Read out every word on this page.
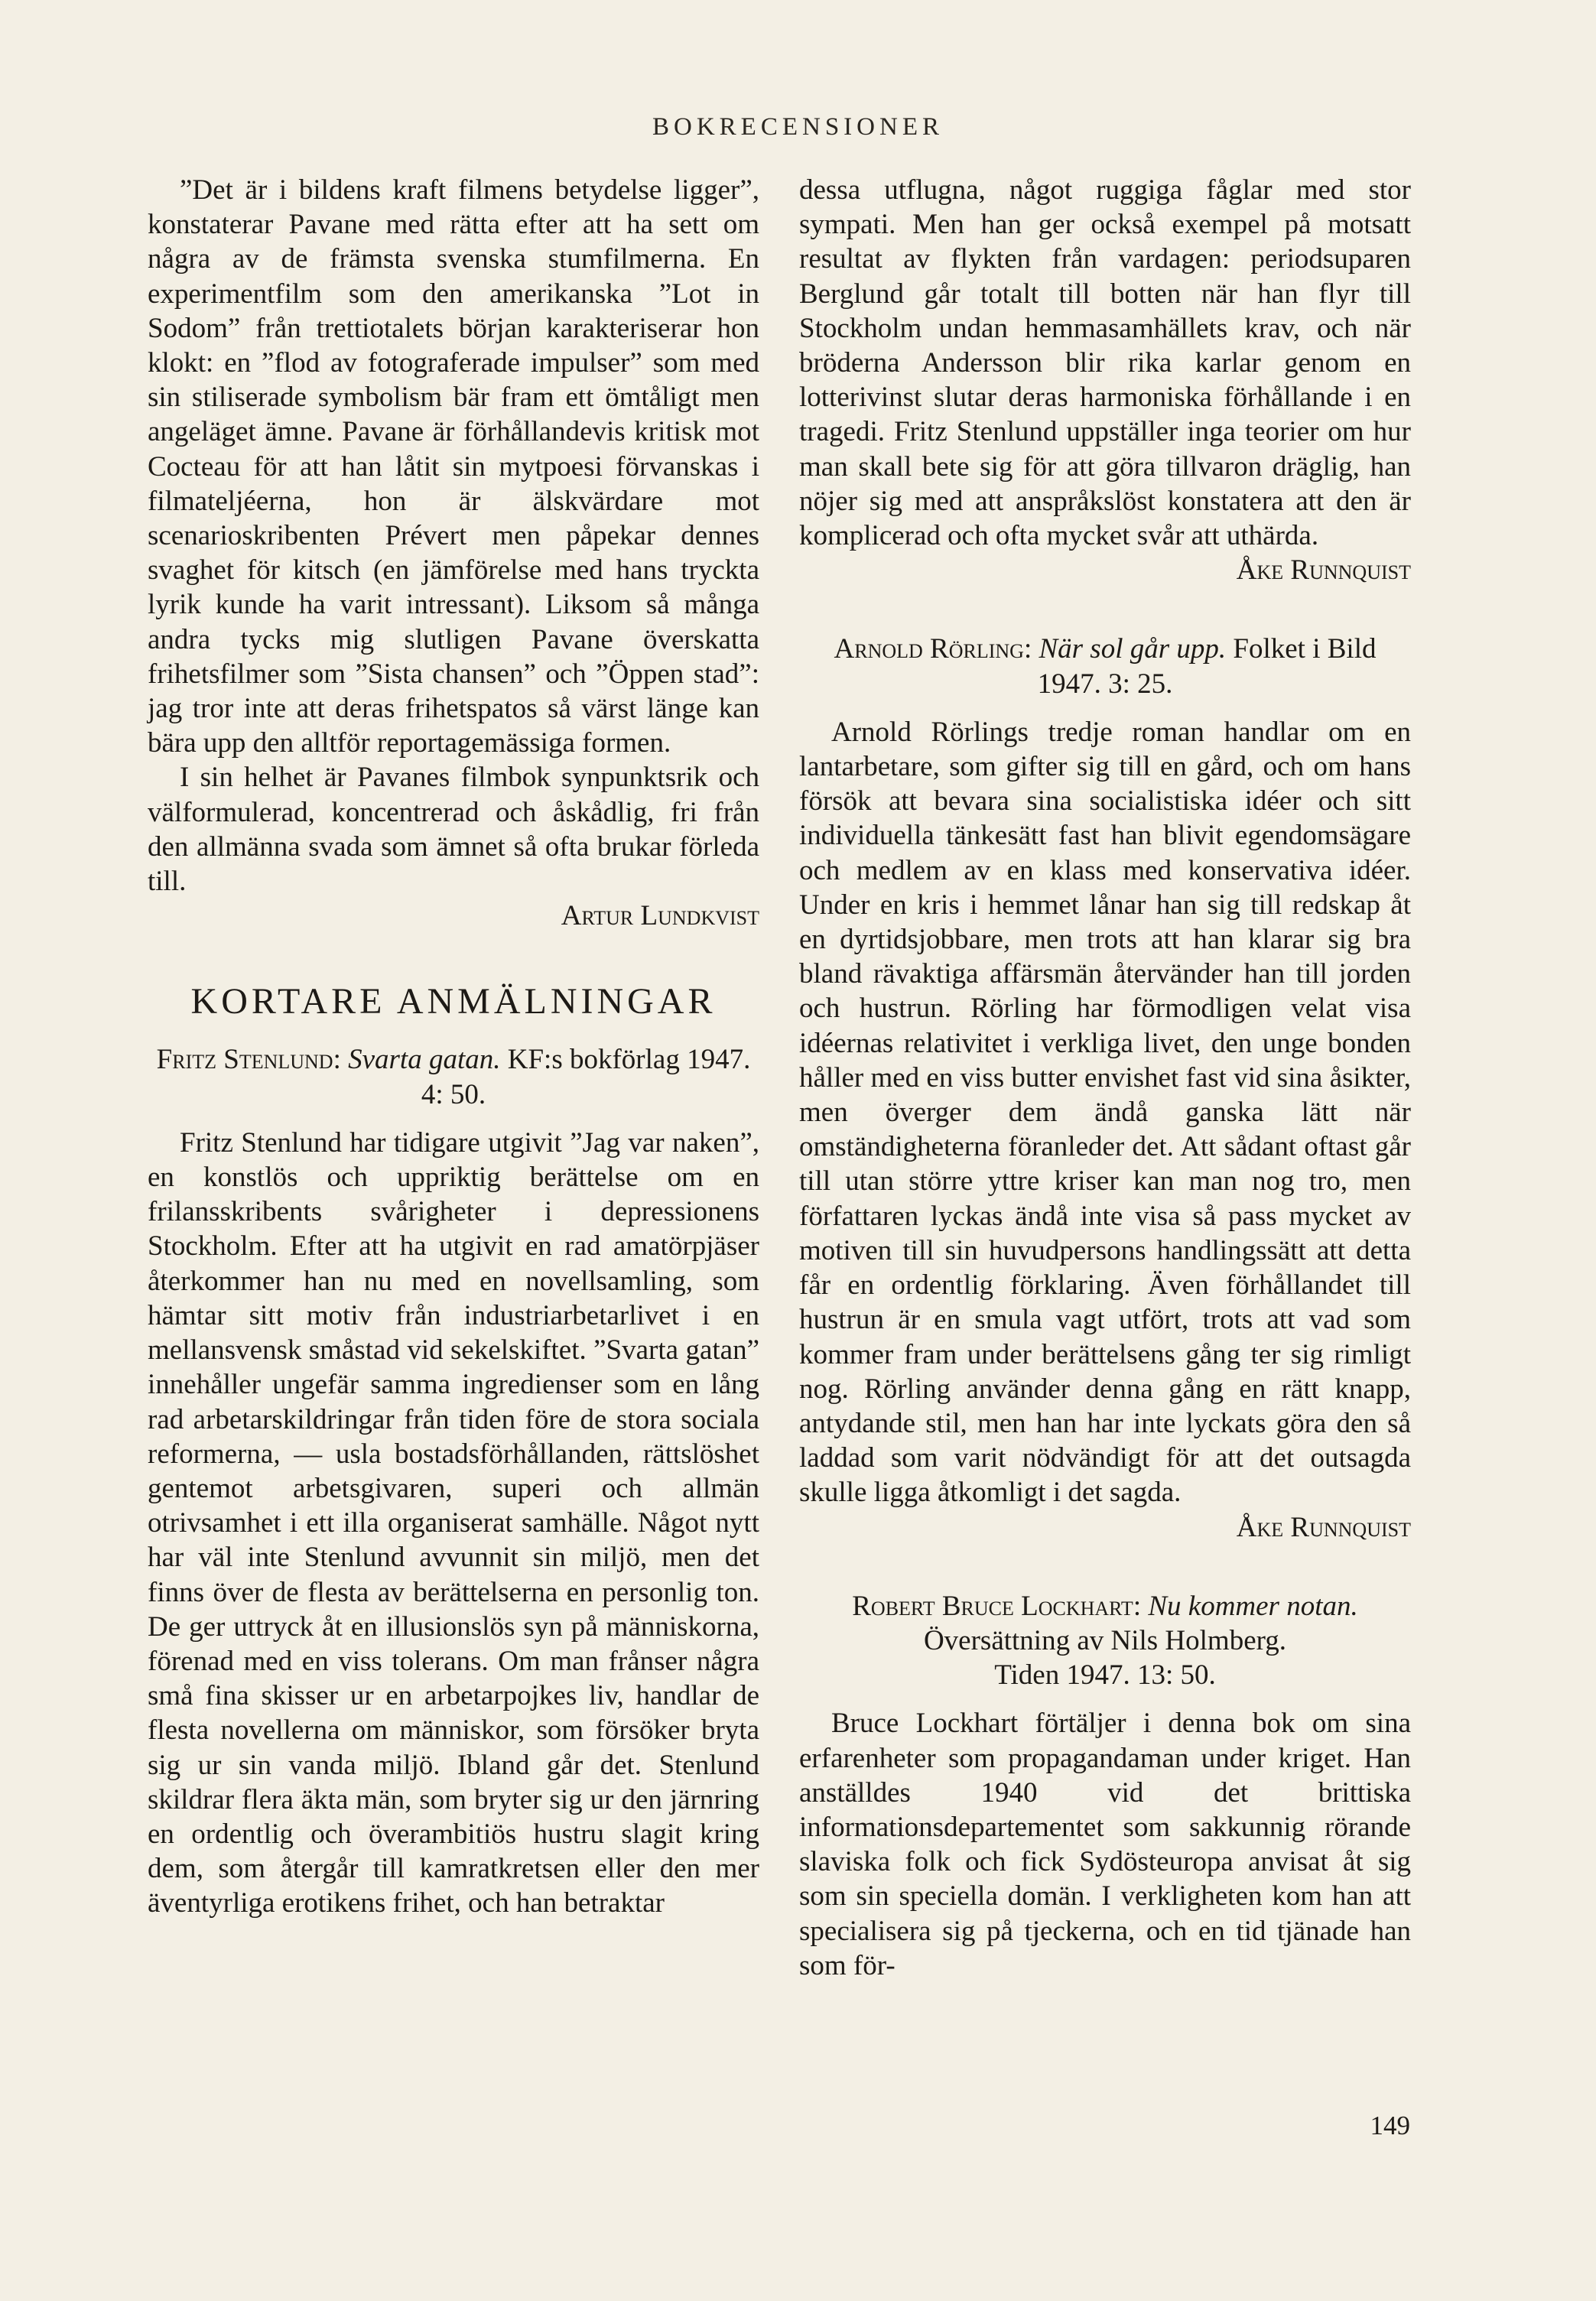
BOKRECENSIONER

”Det är i bildens kraft filmens betydelse ligger”, konstaterar Pavane med rätta efter att ha sett om några av de främsta svenska stumfilmerna. En experimentfilm som den amerikanska ”Lot in Sodom” från trettiotalets början karakteriserar hon klokt: en ”flod av fotograferade impulser” som med sin stiliserade symbolism bär fram ett ömtåligt men angeläget ämne. Pavane är förhållandevis kritisk mot Cocteau för att han låtit sin mytpoesi förvanskas i filmateljéerna, hon är älskvärdare mot scenarioskribenten Prévert men påpekar dennes svaghet för kitsch (en jämförelse med hans tryckta lyrik kunde ha varit intressant). Liksom så många andra tycks mig slutligen Pavane överskatta frihetsfilmer som ”Sista chansen” och ”Öppen stad”: jag tror inte att deras frihetspatos så värst länge kan bära upp den alltför reportagemässiga formen.

I sin helhet är Pavanes filmbok synpunktsrik och välformulerad, koncentrerad och åskådlig, fri från den allmänna svada som ämnet så ofta brukar förleda till.

Artur Lundkvist

KORTARE ANMÄLNINGAR

Fritz Stenlund: Svarta gatan. KF:s bokförlag 1947. 4: 50.

Fritz Stenlund har tidigare utgivit ”Jag var naken”, en konstlös och uppriktig berättelse om en frilansskribents svårigheter i depressionens Stockholm. Efter att ha utgivit en rad amatörpjäser återkommer han nu med en novellsamling, som hämtar sitt motiv från industriarbetarlivet i en mellansvensk småstad vid sekelskiftet. ”Svarta gatan” innehåller ungefär samma ingredienser som en lång rad arbetarskildringar från tiden före de stora sociala reformerna, — usla bostadsförhållanden, rättslöshet gentemot arbetsgivaren, superi och allmän otrivsamhet i ett illa organiserat samhälle. Något nytt har väl inte Stenlund avvunnit sin miljö, men det finns över de flesta av berättelserna en personlig ton. De ger uttryck åt en illusionslös syn på människorna, förenad med en viss tolerans. Om man frånser några små fina skisser ur en arbetarpojkes liv, handlar de flesta novellerna om människor, som försöker bryta sig ur sin vanda miljö. Ibland går det. Stenlund skildrar flera äkta män, som bryter sig ur den järnring en ordentlig och överambitiös hustru slagit kring dem, som återgår till kamratkretsen eller den mer äventyrliga erotikens frihet, och han betraktar

dessa utflugna, något ruggiga fåglar med stor sympati. Men han ger också exempel på motsatt resultat av flykten från vardagen: periodsuparen Berglund går totalt till botten när han flyr till Stockholm undan hemmasamhällets krav, och när bröderna Andersson blir rika karlar genom en lotterivinst slutar deras harmoniska förhållande i en tragedi. Fritz Stenlund uppställer inga teorier om hur man skall bete sig för att göra tillvaron dräglig, han nöjer sig med att anspråkslöst konstatera att den är komplicerad och ofta mycket svår att uthärda.

Åke Runnquist

Arnold Rörling: När sol går upp. Folket i Bild 1947. 3: 25.

Arnold Rörlings tredje roman handlar om en lantarbetare, som gifter sig till en gård, och om hans försök att bevara sina socialistiska idéer och sitt individuella tänkesätt fast han blivit egendomsägare och medlem av en klass med konservativa idéer. Under en kris i hemmet lånar han sig till redskap åt en dyrtidsjobbare, men trots att han klarar sig bra bland rävaktiga affärsmän återvänder han till jorden och hustrun. Rörling har förmodligen velat visa idéernas relativitet i verkliga livet, den unge bonden håller med en viss butter envishet fast vid sina åsikter, men överger dem ändå ganska lätt när omständigheterna föranleder det. Att sådant oftast går till utan större yttre kriser kan man nog tro, men författaren lyckas ändå inte visa så pass mycket av motiven till sin huvudpersons handlingssätt att detta får en ordentlig förklaring. Även förhållandet till hustrun är en smula vagt utfört, trots att vad som kommer fram under berättelsens gång ter sig rimligt nog. Rörling använder denna gång en rätt knapp, antydande stil, men han har inte lyckats göra den så laddad som varit nödvändigt för att det outsagda skulle ligga åtkomligt i det sagda.

Åke Runnquist

Robert Bruce Lockhart: Nu kommer notan.
Översättning av Nils Holmberg.
Tiden 1947. 13: 50.

Bruce Lockhart förtäljer i denna bok om sina erfarenheter som propagandaman under kriget. Han anställdes 1940 vid det brittiska informationsdepartementet som sakkunnig rörande slaviska folk och fick Sydösteuropa anvisat åt sig som sin speciella domän. I verkligheten kom han att specialisera sig på tjeckerna, och en tid tjänade han som för-

149
